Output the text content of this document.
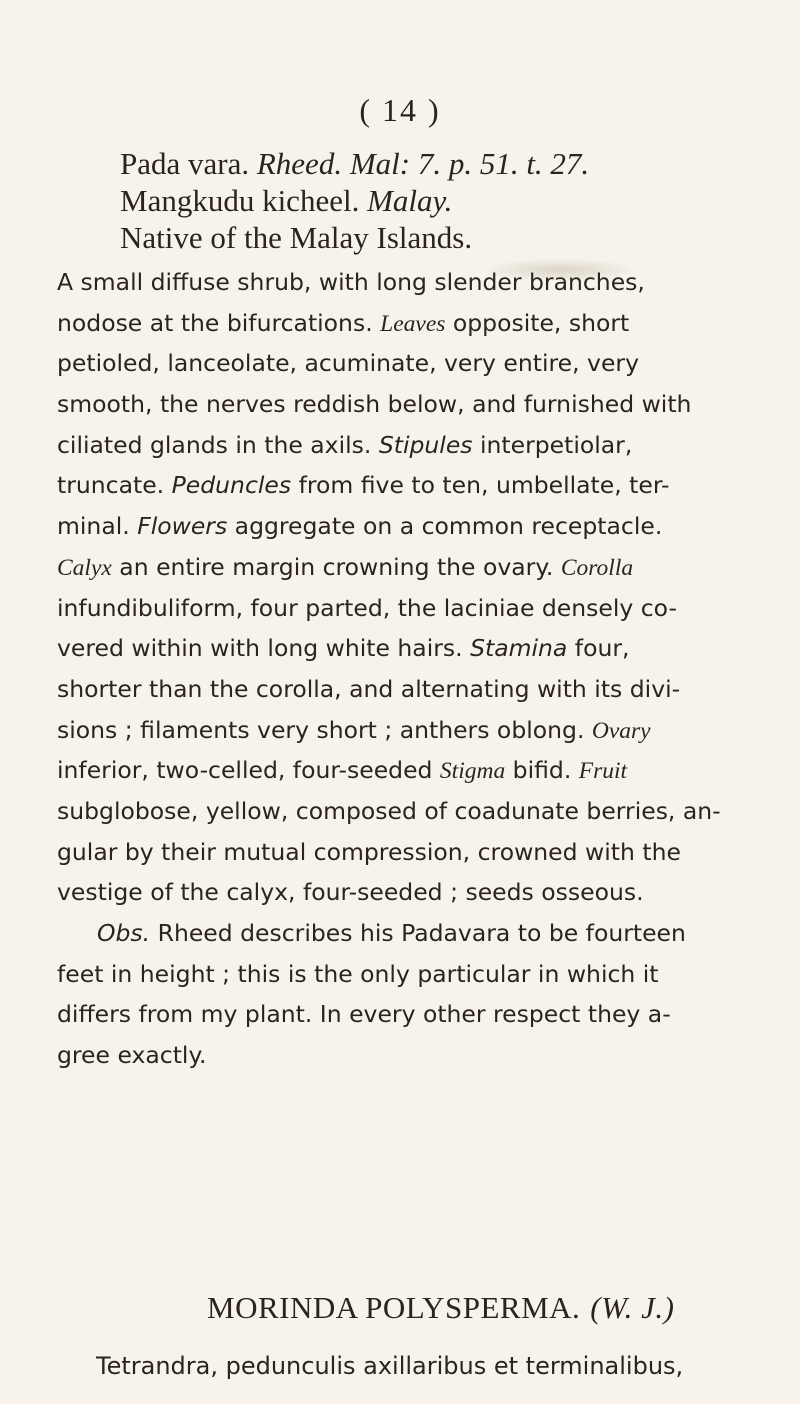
( 14 )
Pada vara. Rheed. Mal: 7. p. 51. t. 27.
Mangkudu kicheel. Malay.
Native of the Malay Islands.
A small diffuse shrub, with long slender branches,
nodose at the bifurcations. Leaves opposite, short
petioled, lanceolate, acuminate, very entire, very
smooth, the nerves reddish below, and furnished with
ciliated glands in the axils. Stipules interpetiolar,
truncate. Peduncles from five to ten, umbellate, ter-
minal. Flowers aggregate on a common receptacle.
Calyx an entire margin crowning the ovary. Corolla
infundibuliform, four parted, the laciniae densely co-
vered within with long white hairs. Stamina four,
shorter than the corolla, and alternating with its divi-
sions ; filaments very short ; anthers oblong. Ovary
inferior, two-celled, four-seeded Stigma bifid. Fruit
subglobose, yellow, composed of coadunate berries, an-
gular by their mutual compression, crowned with the
vestige of the calyx, four-seeded ; seeds osseous.
Obs. Rheed describes his Padavara to be fourteen
feet in height ; this is the only particular in which it
differs from my plant. In every other respect they a-
gree exactly.
MORINDA POLYSPERMA. (W. J.)
Tetrandra, pedunculis axillaribus et terminalibus,
